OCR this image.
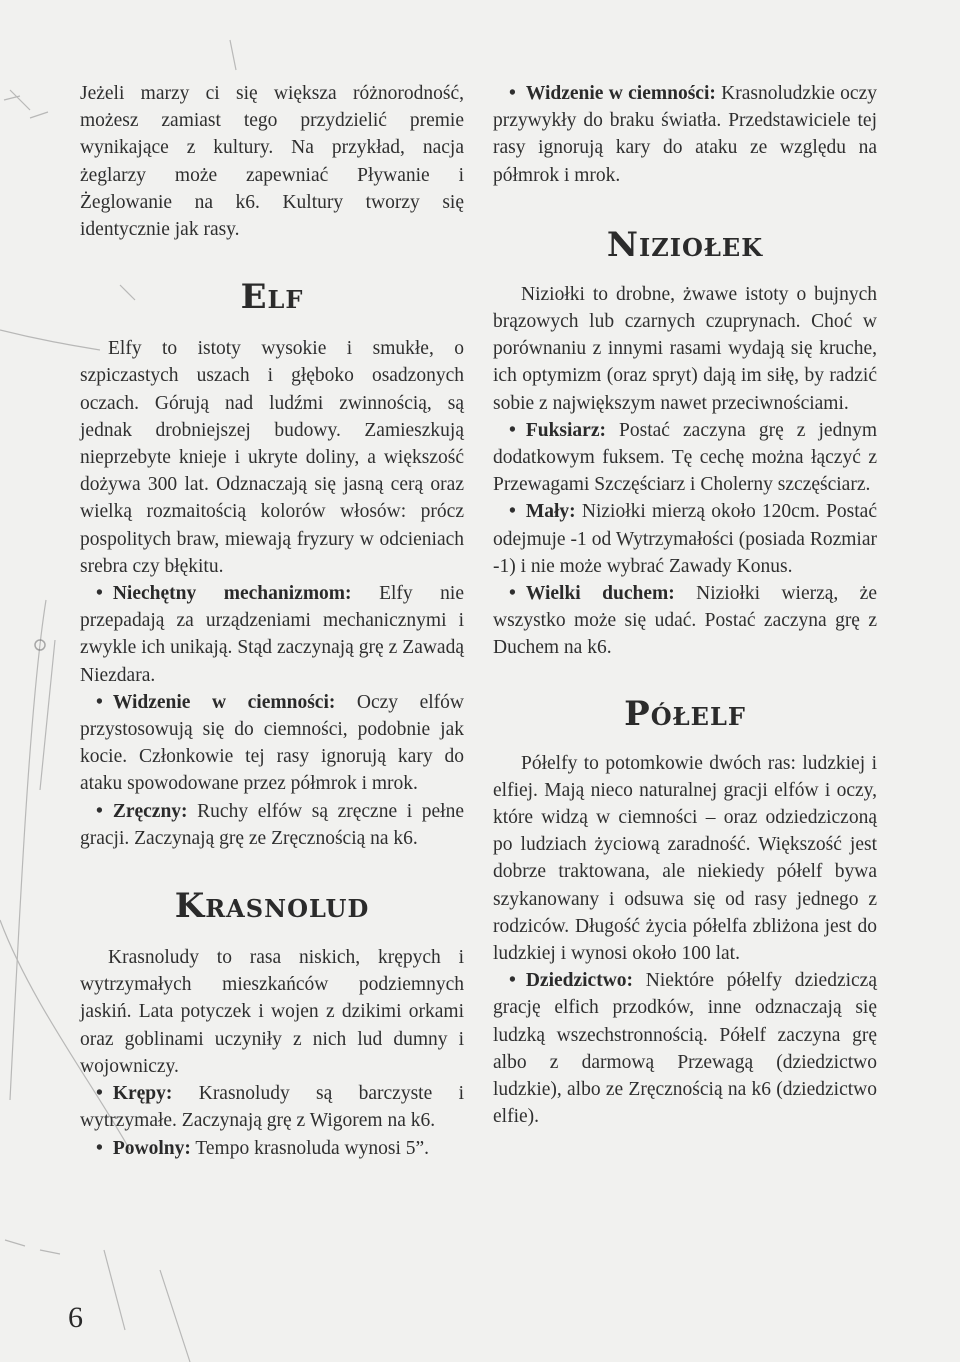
Jeżeli marzy ci się większa różnorodność, możesz zamiast tego przydzielić premie wynikające z kultury. Na przykład, nacja żeglarzy może zapewniać Pływanie i Żeglowanie na k6. Kultury tworzy się identycznie jak rasy.

Elf

Elfy to istoty wysokie i smukłe, o szpiczastych uszach i głęboko osadzonych oczach. Górują nad ludźmi zwinnością, są jednak drobniejszej budowy. Zamieszkują nieprzebyte knieje i ukryte doliny, a większość dożywa 300 lat. Odznaczają się jasną cerą oraz wielką rozmaitością kolorów włosów: prócz pospolitych braw, miewają fryzury w odcieniach srebra czy błękitu.

• Niechętny mechanizmom: Elfy nie przepadają za urządzeniami mechanicznymi i zwykle ich unikają. Stąd zaczynają grę z Zawadą Niezdara.

• Widzenie w ciemności: Oczy elfów przystosowują się do ciemności, podobnie jak kocie. Członkowie tej rasy ignorują kary do ataku spowodowane przez półmrok i mrok.

• Zręczny: Ruchy elfów są zręczne i pełne gracji. Zaczynają grę ze Zręcznością na k6.

Krasnolud

Krasnoludy to rasa niskich, krępych i wytrzymałych mieszkańców podziemnych jaskiń. Lata potyczek i wojen z dzikimi orkami oraz goblinami uczyniły z nich lud dumny i wojowniczy.

• Krępy: Krasnoludy są barczyste i wytrzymałe. Zaczynają grę z Wigorem na k6.

• Powolny: Tempo krasnoluda wynosi 5”.

• Widzenie w ciemności: Krasnoludzkie oczy przywykły do braku światła. Przedstawiciele tej rasy ignorują kary do ataku ze względu na półmrok i mrok.

Niziołek

Niziołki to drobne, żwawe istoty o bujnych brązowych lub czarnych czuprynach. Choć w porównaniu z innymi rasami wydają się kruche, ich optymizm (oraz spryt) dają im siłę, by radzić sobie z największym nawet przeciwnościami.

• Fuksiarz: Postać zaczyna grę z jednym dodatkowym fuksem. Tę cechę można łączyć z Przewagami Szczęściarz i Cholerny szczęściarz.

• Mały: Niziołki mierzą około 120cm. Postać odejmuje -1 od Wytrzymałości (posiada Rozmiar -1) i nie może wybrać Zawady Konus.

• Wielki duchem: Niziołki wierzą, że wszystko może się udać. Postać zaczyna grę z Duchem na k6.

Półelf

Półelfy to potomkowie dwóch ras: ludzkiej i elfiej. Mają nieco naturalnej gracji elfów i oczy, które widzą w ciemności – oraz odziedziczoną po ludziach życiową zaradność. Większość jest dobrze traktowana, ale niekiedy półelf bywa szykanowany i odsuwa się od rasy jednego z rodziców. Długość życia półelfa zbliżona jest do ludzkiej i wynosi około 100 lat.

• Dziedzictwo: Niektóre półelfy dziedziczą grację elfich przodków, inne odznaczają się ludzką wszechstronnością. Półelf zaczyna grę albo z darmową Przewagą (dziedzictwo ludzkie), albo ze Zręcznością na k6 (dziedzictwo elfie).

6
